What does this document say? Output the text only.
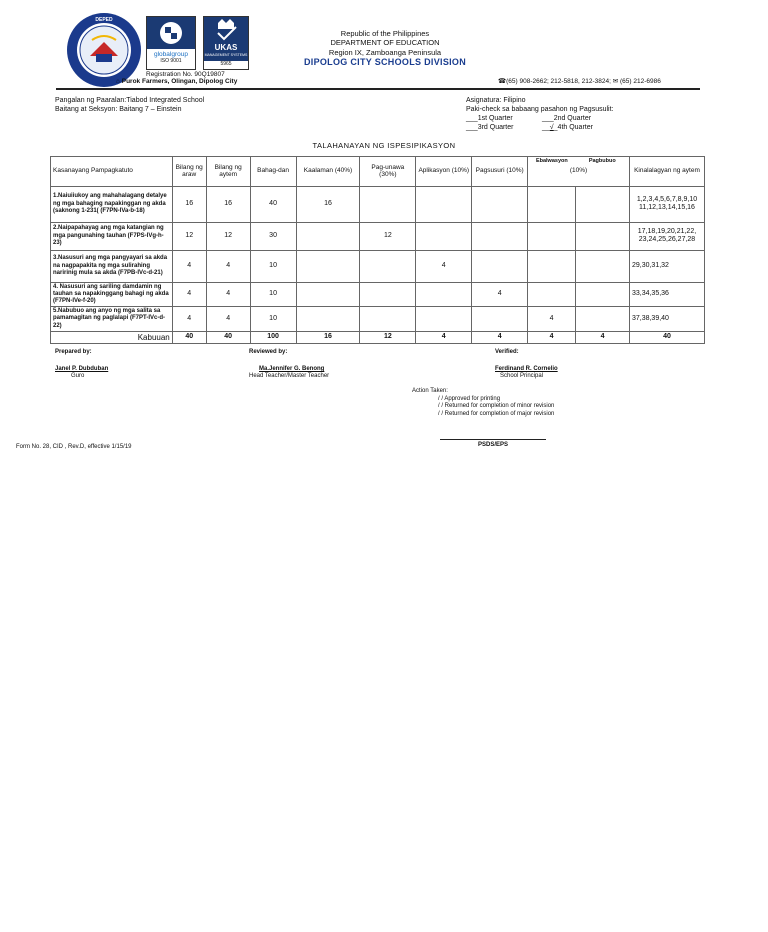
DEPED
globalgroup
ISO 9001
UKAS
MANAGEMENT SYSTEMS
5965
Registration No. 90Q19807
⌂ Purok Farmers, Olingan, Dipolog City
Republic of the Philippines
DEPARTMENT OF EDUCATION
Region IX, Zamboanga Peninsula
DIPOLOG CITY SCHOOLS DIVISION
☎(65) 908-2662; 212-5818, 212-3824; ✉ (65) 212-6986
Pangalan ng Paaralan:Tiabod Integrated School
Baitang at Seksyon: Baitang 7 – Einstein
Asignatura: Filipino
Paki-check sa babaang pasahon ng Pagsusulit:
___1st Quarter	___2nd Quarter
___3rd Quarter	__√_4th Quarter
TALAHANAYAN NG ISPESIPIKASYON
Kasanayang Pampagkatuto	Bilang ng araw	Bilang ng aytem	Bahag-dan	Kaalaman (40%)	Pag-unawa (30%)	Aplikasyon (10%)	Pagsusuri (10%)	Ebalwasyon	Pagbubuo	Kinalalagyan ng aytem
								(10%)		
1.Naiuiiukoy ang mahahalagang detalye ng mga bahaging napakinggan ng akda (saknong 1-231( (F7PN-IVa-b-18)	16	16	40	16						1,2,3,4,5,6,7,8,9,10 11,12,13,14,15,16
2.Naipapahayag ang mga katangian ng mga pangunahing tauhan (F7PS-IVg-h-23)	12	12	30		12					17,18,19,20,21,22, 23,24,25,26,27,28
3.Nasusuri ang mga pangyayari sa akda na nagpapakita ng mga sulirahing naririnig mula sa akda (F7PB-IVc-d-21)	4	4	10			4				29,30,31,32
4. Nasusuri ang sariling damdamin ng tauhan sa napakinggang bahagi ng akda (F7PN-IVe-f-20)	4	4	10				4			33,34,35,36
5.Nabubuo ang anyo ng mga salita sa pamamagitan ng paglalapi (F7PT-IVc-d-22)	4	4	10					4		37,38,39,40
Kabuuan	40	40	100	16	12	4	4	4	4	40
Prepared by:	Reviewed by:	Verified:
Janel P. Dubduban
Guro
Ma.Jennifer G. Benong
Head Teacher/Master Teacher
Ferdinand R. Cornelio
School Principal
Action Taken:
/ / Approved for printing
/ / Returned for completion of minor revision
/ / Returned for completion of major revision
PSDS/EPS
Form No. 28, CID , Rev.D, effective 1/15/19
